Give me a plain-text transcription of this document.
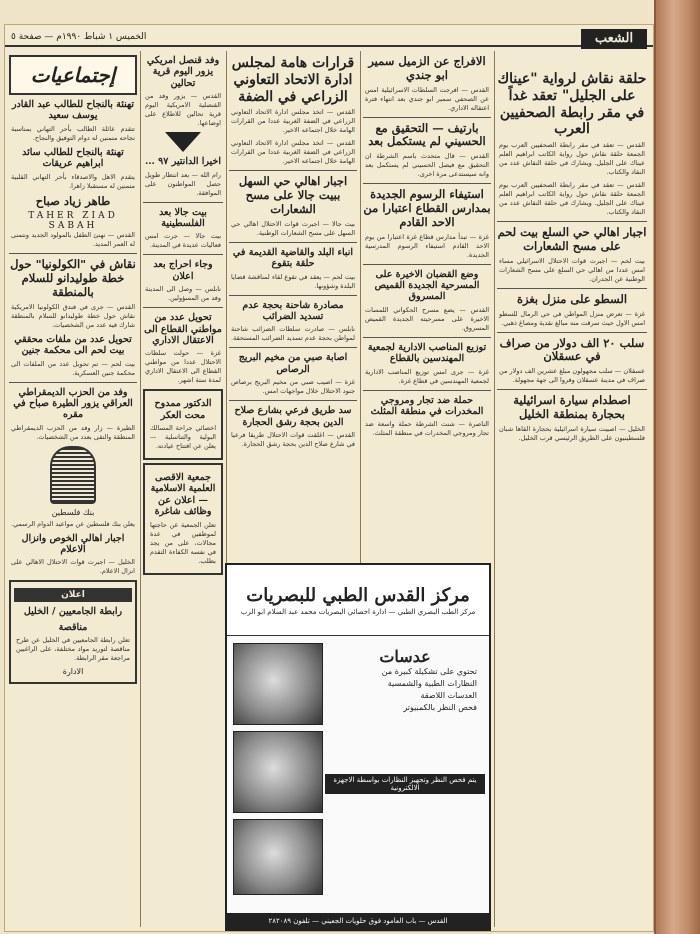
الخميس ١ شباط ١٩٩٠م — صفحة ٥	الشعب
حلقة نقاش لرواية "عيناك على الجليل" تعقد غداً في مقر رابطة الصحفيين العرب
القدس — تعقد في مقر رابطة الصحفيين العرب يوم الجمعة حلقة نقاش حول رواية الكاتب ابراهيم العلم عيناك على الجليل. ويشارك في حلقة النقاش عدد من النقاد والكتاب.
القدس — تعقد في مقر رابطة الصحفيين العرب يوم الجمعة حلقة نقاش حول رواية الكاتب ابراهيم العلم عيناك على الجليل. ويشارك في حلقة النقاش عدد من النقاد والكتاب.
اجبار اهالي حي السلع بيت لحم على مسح الشعارات
بيت لحم — اجبرت قوات الاحتلال الاسرائيلي مساء امس عددا من اهالي حي السلع على مسح الشعارات الوطنية عن الجدران.
السطو على منزل بغزة
غزة — تعرض منزل المواطن في حي الرمال للسطو امس الاول حيث سرقت منه مبالغ نقدية ومصاغ ذهبي.
سلب ٢٠ الف دولار من صراف في عسقلان
عسقلان — سلب مجهولون مبلغ عشرين الف دولار من صراف في مدينة عسقلان وفروا الى جهة مجهولة.
اصطدام سيارة اسرائيلية بحجارة بمنطقة الخليل
الخليل — اصيبت سيارة اسرائيلية بحجارة القاها شبان فلسطينيون على الطريق الرئيسي قرب الخليل.
الافراج عن الزميل سمير ابو جندي
القدس — افرجت السلطات الاسرائيلية امس عن الصحفي سمير ابو جندي بعد انتهاء فترة اعتقاله الاداري.
بارتيف — التحقيق مع الحسيني لم يستكمل بعد
القدس — قال متحدث باسم الشرطة ان التحقيق مع فيصل الحسيني لم يستكمل بعد وانه سيستدعى مرة اخرى.
استيفاء الرسوم الجديدة بمدارس القطاع اعتبارا من الاحد القادم
غزة — تبدأ مدارس قطاع غزة اعتبارا من يوم الاحد القادم استيفاء الرسوم المدرسية الجديدة.
وضع القضبان الاخيرة على المسرحية الجديدة القميص المسروق
القدس — يضع مسرح الحكواتي اللمسات الاخيرة على مسرحيته الجديدة القميص المسروق.
توزيع المناصب الادارية لجمعية المهندسين بالقطاع
غزة — جرى امس توزيع المناصب الادارية لجمعية المهندسين في قطاع غزة.
حملة ضد تجار ومروجي المخدرات في منطقة المثلث
الناصرة — شنت الشرطة حملة واسعة ضد تجار ومروجي المخدرات في منطقة المثلث.
قرارات هامة لمجلس ادارة الاتحاد التعاوني الزراعي في الضفة
القدس — اتخذ مجلس ادارة الاتحاد التعاوني الزراعي في الضفة الغربية عددا من القرارات الهامة خلال اجتماعه الاخير.
القدس — اتخذ مجلس ادارة الاتحاد التعاوني الزراعي في الضفة الغربية عددا من القرارات الهامة خلال اجتماعه الاخير.
اجبار اهالي حي السهل ببيت جالا على مسح الشعارات
بيت جالا — اجبرت قوات الاحتلال اهالي حي السهل على مسح الشعارات الوطنية.
انباء البلد والقاضية القديمة في حلقة بتقوع
بيت لحم — يعقد في تقوع لقاء لمناقشة قضايا البلدة وشؤونها.
مصادرة شاحنة بحجة عدم تسديد الضرائب
نابلس — صادرت سلطات الضرائب شاحنة لمواطن بحجة عدم تسديد الضرائب المستحقة.
اصابة صبي من مخيم البريج الرصاص
غزة — اصيب صبي من مخيم البريج برصاص جنود الاحتلال خلال مواجهات امس.
سد طريق فرعي بشارع صلاح الدين بحجة رشق الحجارة
القدس — اغلقت قوات الاحتلال طريقا فرعيا في شارع صلاح الدين بحجة رشق الحجارة.
وفد قنصل امريكي يزور اليوم قرية تحالين
القدس — يزور وفد من القنصلية الامريكية اليوم قرية تحالين للاطلاع على اوضاعها.
اخيرا الدانتير ٩٧ ...
رام الله — بعد انتظار طويل حصل المواطنون على الموافقة.
بيت جالا بعد الفلسطينية
بيت جالا — جرت امس فعاليات عديدة في المدينة.
وجاء احراج بعد اعلان
نابلس — وصل الى المدينة وفد من المسؤولين.
تحويل عدد من مواطني القطاع الى الاعتقال الاداري
غزة — حولت سلطات الاحتلال عددا من مواطني القطاع الى الاعتقال الاداري لمدة ستة اشهر.
الدكتور ممدوح محت العكر
اخصائي جراحة المسالك البولية والتناسلية — يعلن عن افتتاح عيادته.
جمعية الاقصى العلمية الاسلامية — اعلان عن وظائف شاغرة
تعلن الجمعية عن حاجتها لموظفين في عدة مجالات، على من يجد في نفسه الكفاءة التقدم بطلب.
إجتماعيات
تهنئة بالنجاح للطالب عبد القادر يوسف سعيد
تتقدم عائلة الطالب بأحر التهاني بمناسبة نجاحه متمنين له دوام التوفيق والنجاح.
تهنئة بالنجاح للطالب سائد ابراهيم عريقات
يتقدم الاهل والاصدقاء بأحر التهاني القلبية متمنين له مستقبلا زاهرا.
طاهر زياد صباح
TAHER ZIAD SABAH
القدس — نهنئ الطفل بالمولود الجديد ونتمنى له العمر المديد.
نقاش في "الكولونيا" حول خطة طوليدانو للسلام بالمنطقة
القدس — جرى في فندق الكولونيا الامريكية نقاش حول خطة طوليدانو للسلام بالمنطقة شارك فيه عدد من الشخصيات.
تحويل عدد من ملفات محققي بيت لحم الى محكمة جنين
بيت لحم — تم تحويل عدد من الملفات الى محكمة جنين العسكرية.
وفد من الحزب الديمقراطي العراقي يزور الطيرة صباح في مقره
الطيرة — زار وفد من الحزب الديمقراطي المنطقة والتقى بعدد من الشخصيات.
بنك فلسطين
يعلن بنك فلسطين عن مواعيد الدوام الرسمي.
اجبار اهالي الخوص وانزال الاعلام
الخليل — اجبرت قوات الاحتلال الاهالي على انزال الاعلام.
اعلان
رابطة الجامعيين / الخليل
مناقصة
تعلن رابطة الجامعيين في الخليل عن طرح مناقصة لتوريد مواد مختلفة، على الراغبين مراجعة مقر الرابطة.
الادارة
مركز القدس الطبي للبصريات
مركز الطب البصري الطبي — ادارة اخصائي البصريات محمد عبد السلام ابو الرب
عدسات
تحتوي على تشكيلة كبيرة من
النظارات الطبية والشمسية
العدسات اللاصقة
فحص النظر بالكمبيوتر
يتم فحص النظر وتجهيز النظارات بواسطة الاجهزة الالكترونية
القدس — باب العامود فوق حلويات الجعيني — تلفون ٢٨٢٠٨٩
